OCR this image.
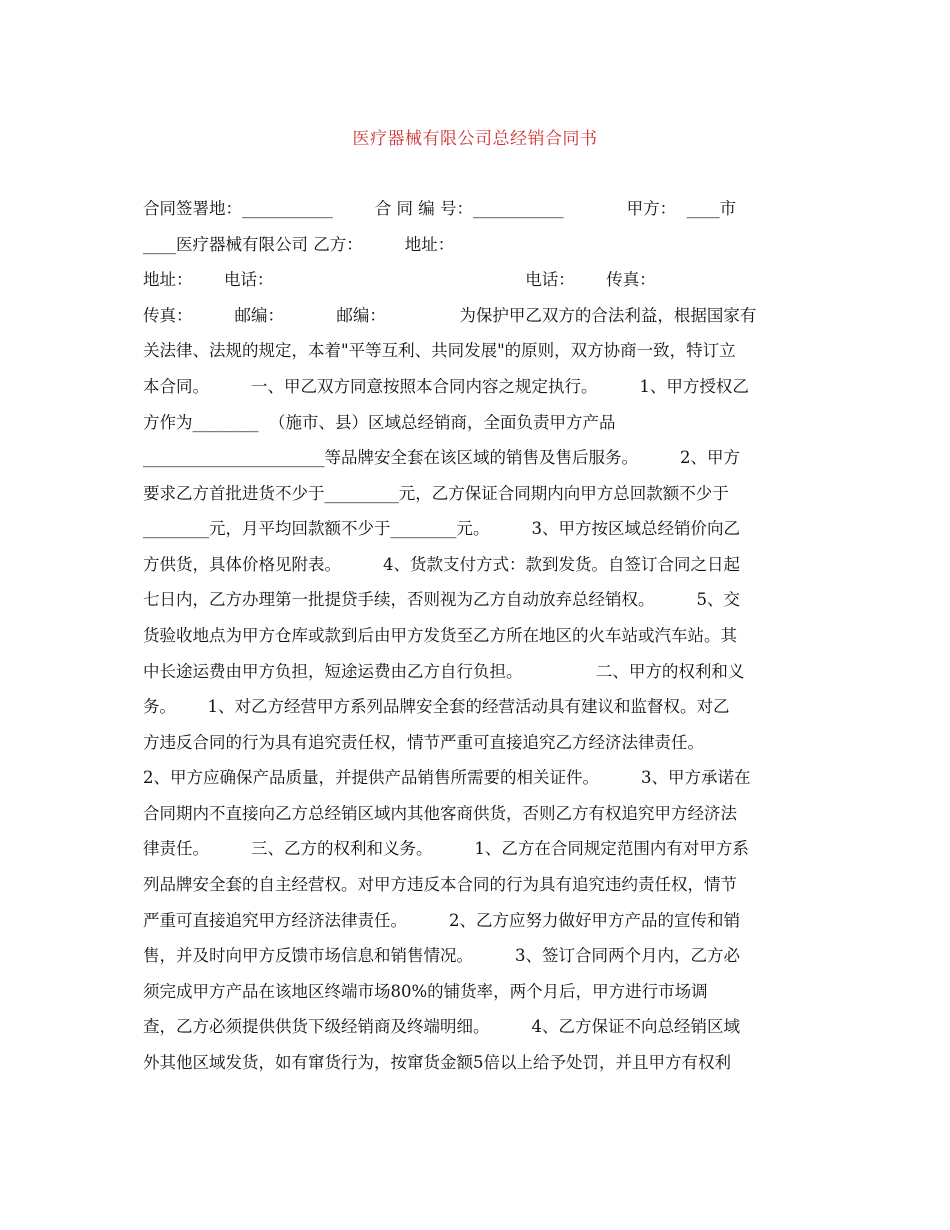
医疗器械有限公司总经销合同书
合同签署地：___________        合 同 编 号：___________            甲方：  ____市
____医疗器械有限公司 乙方：        地址：
地址：      电话：                                                电话：      传真：
传真：        邮编：          邮编：              为保护甲乙双方的合法利益，根据国家有
关法律、法规的规定，本着"平等互利、共同发展"的原则，双方协商一致，特订立
本合同。        一、甲乙双方同意按照本合同内容之规定执行。        1、甲方授权乙
方作为________  （施市、县）区域总经销商，全面负责甲方产品
______________________等品牌安全套在该区域的销售及售后服务。        2、甲方
要求乙方首批进货不少于_________元，乙方保证合同期内向甲方总回款额不少于
________元，月平均回款额不少于________元。        3、甲方按区域总经销价向乙
方供货，具体价格见附表。        4、货款支付方式：款到发货。自签订合同之日起
七日内，乙方办理第一批提贷手续，否则视为乙方自动放弃总经销权。        5、交
货验收地点为甲方仓库或款到后由甲方发货至乙方所在地区的火车站或汽车站。其
中长途运费由甲方负担，短途运费由乙方自行负担。              二、甲方的权利和义
务。      1、对乙方经营甲方系列品牌安全套的经营活动具有建议和监督权。对乙
方违反合同的行为具有追究责任权，情节严重可直接追究乙方经济法律责任。
2、甲方应确保产品质量，并提供产品销售所需要的相关证件。        3、甲方承诺在
合同期内不直接向乙方总经销区域内其他客商供货，否则乙方有权追究甲方经济法
律责任。        三、乙方的权利和义务。        1、乙方在合同规定范围内有对甲方系
列品牌安全套的自主经营权。对甲方违反本合同的行为具有追究违约责任权，情节
严重可直接追究甲方经济法律责任。        2、乙方应努力做好甲方产品的宣传和销
售，并及时向甲方反馈市场信息和销售情况。        3、签订合同两个月内，乙方必
须完成甲方产品在该地区终端市场80%的铺货率，两个月后，甲方进行市场调
查，乙方必须提供供货下级经销商及终端明细。        4、乙方保证不向总经销区域
外其他区域发货，如有窜货行为，按窜货金额5倍以上给予处罚，并且甲方有权利
